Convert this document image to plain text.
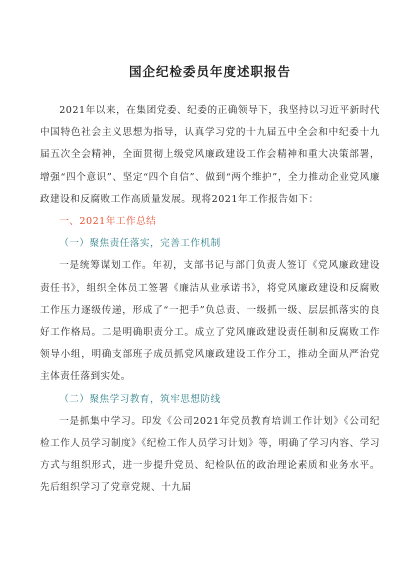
国企纪检委员年度述职报告

2021年以来，在集团党委、纪委的正确领导下，我坚持以习近平新时代中国特色社会主义思想为指导，认真学习党的十九届五中全会和中纪委十九届五次全会精神，全面贯彻上级党风廉政建设工作会精神和重大决策部署，增强“四个意识”、坚定“四个自信”、做到“两个维护”，全力推动企业党风廉政建设和反腐败工作高质量发展。现将2021年工作报告如下：

一、2021年工作总结

（一）聚焦责任落实，完善工作机制

一是统筹谋划工作。年初，支部书记与部门负责人签订《党风廉政建设责任书》，组织全体员工签署《廉洁从业承诺书》，将党风廉政建设和反腐败工作压力逐级传递，形成了“一把手”负总责、一级抓一级、层层抓落实的良好工作格局。二是明确职责分工。成立了党风廉政建设责任制和反腐败工作领导小组，明确支部班子成员抓党风廉政建设工作分工，推动全面从严治党主体责任落到实处。

（二）聚焦学习教育，筑牢思想防线

一是抓集中学习。印发《公司2021年党员教育培训工作计划》《公司纪检工作人员学习制度》《纪检工作人员学习计划》等，明确了学习内容、学习方式与组织形式，进一步提升党员、纪检队伍的政治理论素质和业务水平。先后组织学习了党章党规、十九届
